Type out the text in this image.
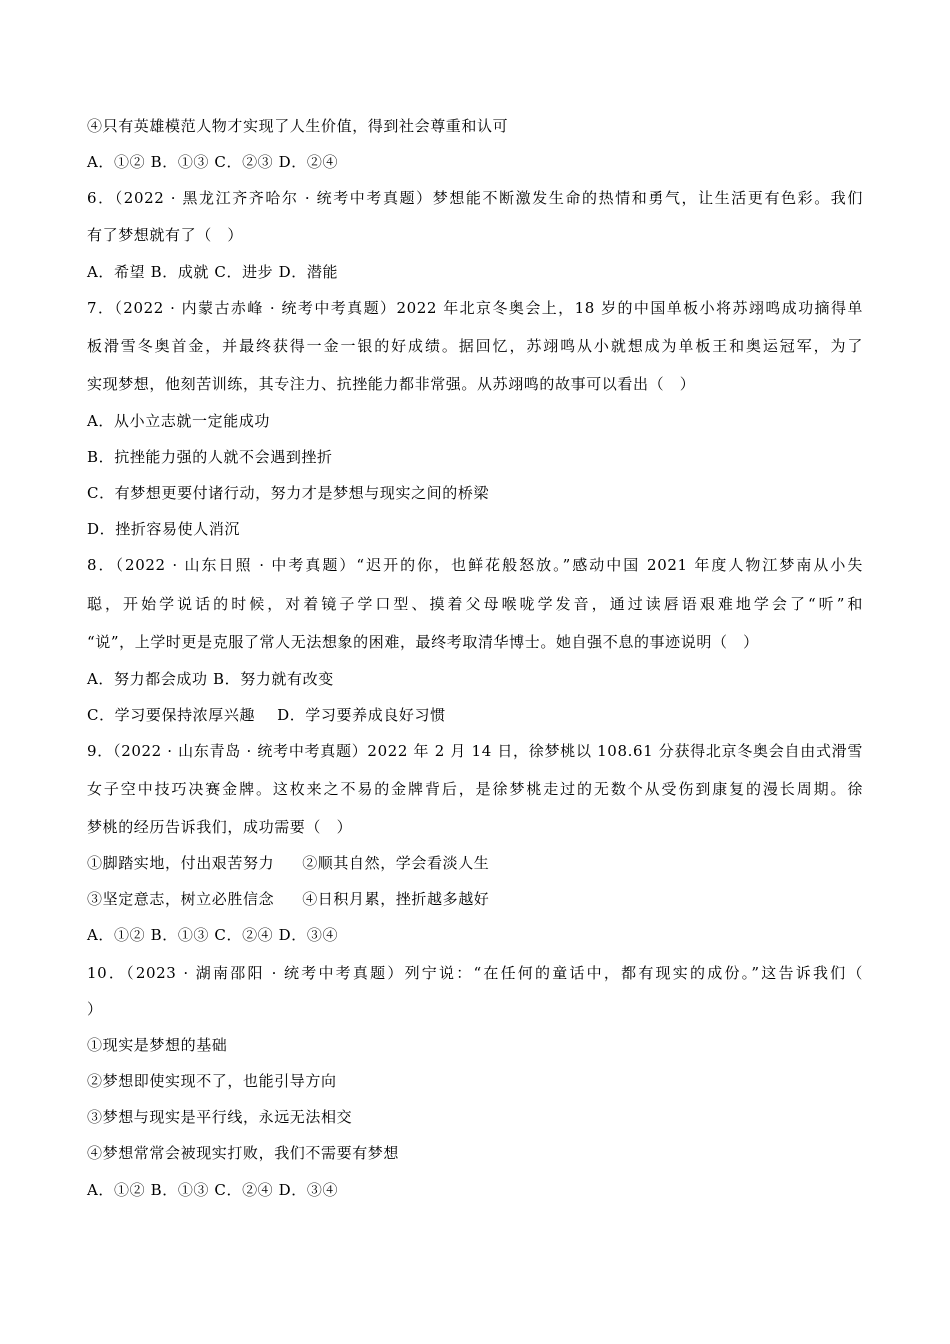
④只有英雄模范人物才实现了人生价值，得到社会尊重和认可
A．①② B．①③ C．②③ D．②④
6．（2022 · 黑龙江齐齐哈尔 · 统考中考真题）梦想能不断激发生命的热情和勇气，让生活更有色彩。我们
有了梦想就有了（　）
A．希望 B．成就 C．进步 D．潜能
7．（2022 · 内蒙古赤峰 · 统考中考真题）2022 年北京冬奥会上，18 岁的中国单板小将苏翊鸣成功摘得单
板滑雪冬奥首金，并最终获得一金一银的好成绩。据回忆，苏翊鸣从小就想成为单板王和奥运冠军，为了
实现梦想，他刻苦训练，其专注力、抗挫能力都非常强。从苏翊鸣的故事可以看出（　）
A．从小立志就一定能成功
B．抗挫能力强的人就不会遇到挫折
C．有梦想更要付诸行动，努力才是梦想与现实之间的桥梁
D．挫折容易使人消沉
8．（2022 · 山东日照 · 中考真题）“迟开的你，也鲜花般怒放。”感动中国 2021 年度人物江梦南从小失
聪，开始学说话的时候，对着镜子学口型、摸着父母喉咙学发音，通过读唇语艰难地学会了“听”和
“说”，上学时更是克服了常人无法想象的困难，最终考取清华博士。她自强不息的事迹说明（　）
A．努力都会成功 B．努力就有改变
C．学习要保持浓厚兴趣 D．学习要养成良好习惯
9．（2022 · 山东青岛 · 统考中考真题）2022 年 2 月 14 日，徐梦桃以 108.61 分获得北京冬奥会自由式滑雪
女子空中技巧决赛金牌。这枚来之不易的金牌背后，是徐梦桃走过的无数个从受伤到康复的漫长周期。徐
梦桃的经历告诉我们，成功需要（　）
①脚踏实地，付出艰苦努力 ②顺其自然，学会看淡人生
③坚定意志，树立必胜信念 ④日积月累，挫折越多越好
A．①② B．①③ C．②④ D．③④
10．（2023 · 湖南邵阳 · 统考中考真题）列宁说：“在任何的童话中，都有现实的成份。”这告诉我们（
）
①现实是梦想的基础
②梦想即使实现不了，也能引导方向
③梦想与现实是平行线，永远无法相交
④梦想常常会被现实打败，我们不需要有梦想
A．①② B．①③ C．②④ D．③④
